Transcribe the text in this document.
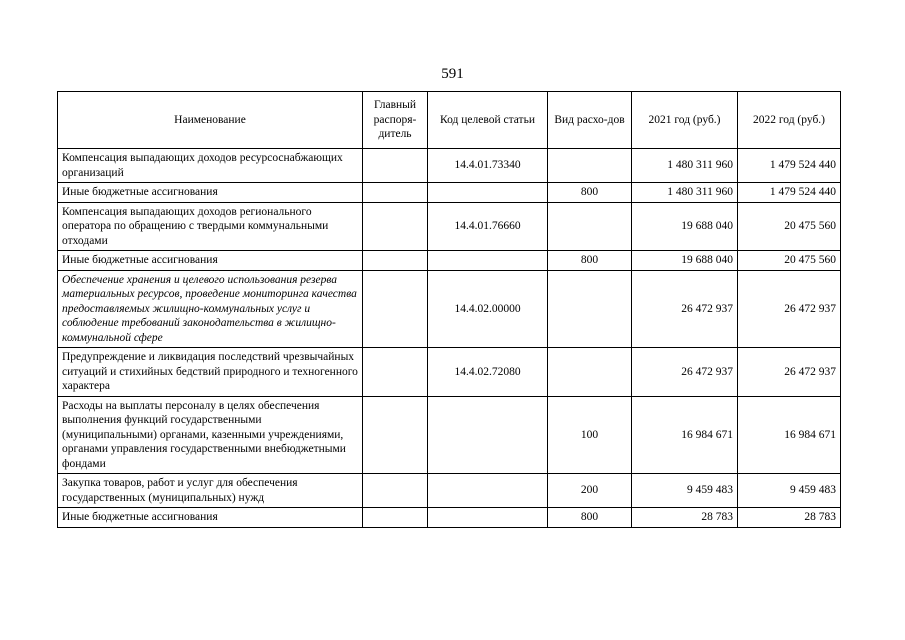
591
Наименование	Главный распоря-дитель	Код целевой статьи	Вид расхо-дов	2021 год (руб.)	2022 год (руб.)
Компенсация выпадающих доходов ресурсоснабжающих организаций		14.4.01.73340		1 480 311 960	1 479 524 440
Иные бюджетные ассигнования			800	1 480 311 960	1 479 524 440
Компенсация выпадающих доходов регионального оператора по обращению с твердыми коммунальными отходами		14.4.01.76660		19 688 040	20 475 560
Иные бюджетные ассигнования			800	19 688 040	20 475 560
Обеспечение хранения и целевого использования резерва материальных ресурсов, проведение мониторинга качества предоставляемых жилищно-коммунальных услуг и соблюдение требований законодательства в жилищно-коммунальной сфере		14.4.02.00000		26 472 937	26 472 937
Предупреждение и ликвидация последствий чрезвычайных ситуаций и стихийных бедствий природного и техногенного характера		14.4.02.72080		26 472 937	26 472 937
Расходы на выплаты персоналу в целях обеспечения выполнения функций государственными (муниципальными) органами, казенными учреждениями, органами управления государственными внебюджетными фондами			100	16 984 671	16 984 671
Закупка товаров, работ и услуг для обеспечения государственных (муниципальных) нужд			200	9 459 483	9 459 483
Иные бюджетные ассигнования			800	28 783	28 783
